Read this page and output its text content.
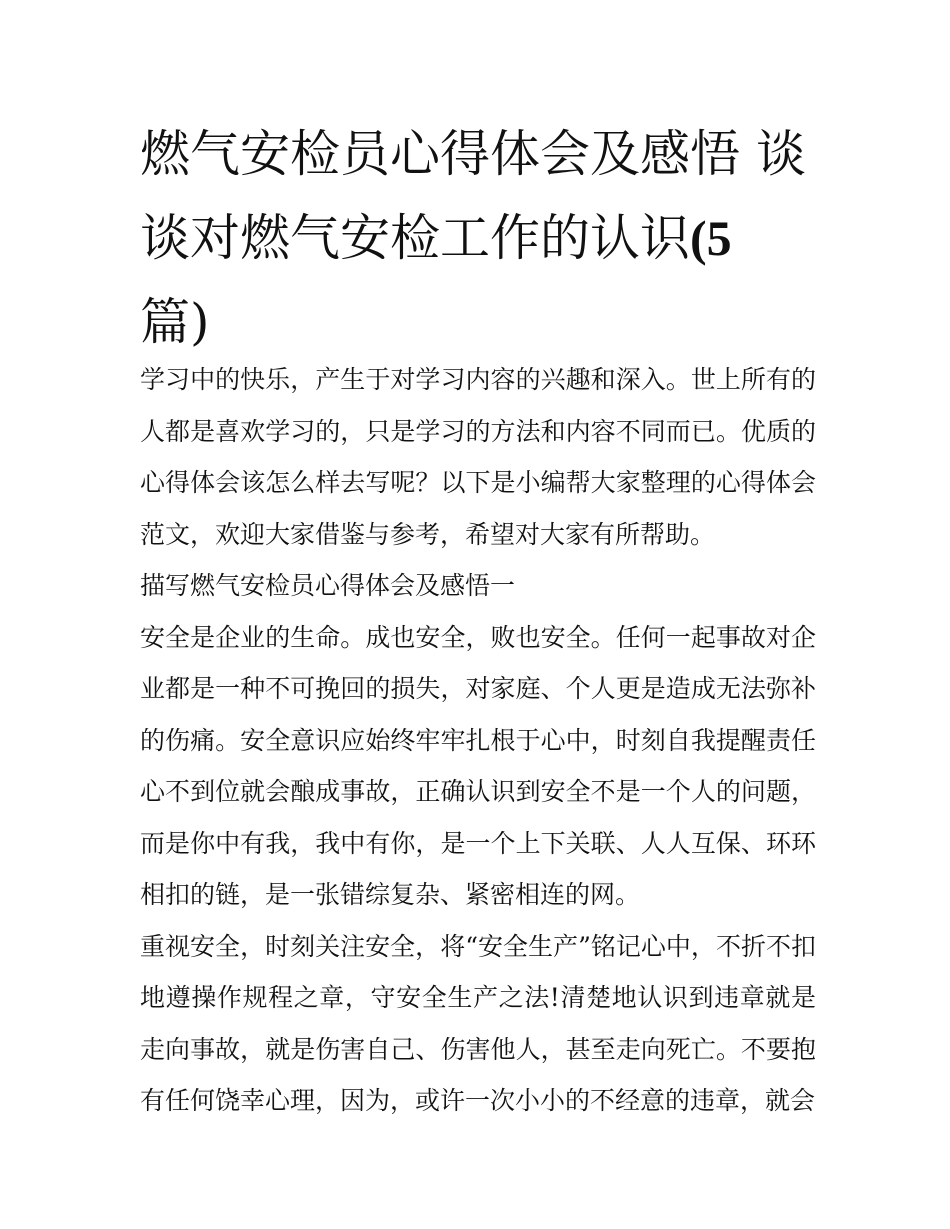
燃气安检员心得体会及感悟 谈谈对燃气安检工作的认识(5
篇)

学习中的快乐，产生于对学习内容的兴趣和深入。世上所有的人都是喜欢学习的，只是学习的方法和内容不同而已。优质的心得体会该怎么样去写呢？以下是小编帮大家整理的心得体会范文，欢迎大家借鉴与参考，希望对大家有所帮助。

描写燃气安检员心得体会及感悟一

安全是企业的生命。成也安全，败也安全。任何一起事故对企业都是一种不可挽回的损失，对家庭、个人更是造成无法弥补的伤痛。安全意识应始终牢牢扎根于心中，时刻自我提醒责任心不到位就会酿成事故，正确认识到安全不是一个人的问题，而是你中有我，我中有你，是一个上下关联、人人互保、环环相扣的链，是一张错综复杂、紧密相连的网。

重视安全，时刻关注安全，将“安全生产”铭记心中，不折不扣地遵操作规程之章，守安全生产之法!清楚地认识到违章就是走向事故，就是伤害自己、伤害他人，甚至走向死亡。不要抱有任何饶幸心理，因为，或许一次小小的不经意的违章，就会
